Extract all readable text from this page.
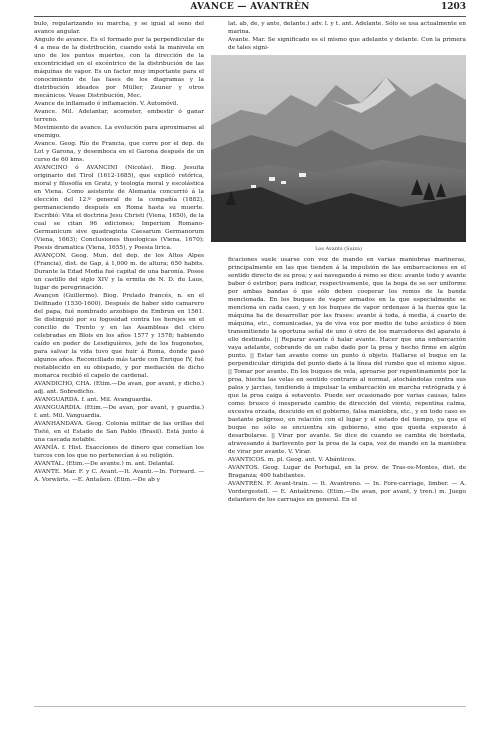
AVANCE — AVANTRÈN	1203

bulo, regularizando su marcha, y se igual al seno del avance angular.

Angulo de avance. Es el formado por la perpendicular de 4 a mea de la distribución, cuando está la manivela en uno de los puntos muertos, con la dirección de la excentricidad en el excéntrico de la distribución de las máquinas de vapor. Es un factor muy importante para el conocimiento de las fases de los diagramas y la distribución ideados por Müller, Zeuner y otros mecánicos. Vease Distribución, Mec.

Avance de inflamado ó inflamación. V. Automóvil.

Avance. Mil. Adelantar, acometer, embestir ó ganar terreno.

Movimiento de avance. La evolución para aproximarse al enemigo.

Avance. Geog. Río de Francia, que corre por el dep. de Lot y Garona, y desemboca en el Garona después de un curso de 60 kms.

AVANCINO ó AVANCINI (Nicolás). Biog. Jesuita originario del Tirol (1612-1685), que explicó retórica, moral y filosofía en Gratz, y teología moral y escolástica en Viena. Como asistente de Alemania concurrió á la elección del 12.º general de la compañía (1882), permaneciendo después en Roma hasta su muerte. Escribió: Vita et doctrina Jesu Christi (Viena, 1650), de la cual se citan 96 ediciones; Imperium Romano-Germanicum sive quadraginta Caesarum Germanorum (Viena, 1663); Conclusiones theologicas (Viena, 1670); Poesis dramatica (Viena, 1655), y Poesia lirica.

AVANÇON. Geog. Mun. del dep. de los Altos Alpes (Francia), dist. de Gap, á 1,000 m. de altura; 650 habits. Durante la Edad Media fué capital de una baronía. Posee un castillo del siglo XIV y la ermita de N. D. du Laus, lugar de peregrinación.

Avançon (Guillermo). Biog. Prelado francés, n. en el Delfinado (1530-1600). Después de haber sido camarero del papa, fué nombrado arzobispo de Embrun en 1561. Se distinguió por su fogosidad contra los herejes en el concilio de Trento y en las Asambleas del clero celebradas en Blois en los años 1577 y 1578; habiendo caído en poder de Lesdiguières, jefe de los hugonotes, para salvar la vida tuvo que huir á Roma, donde pasó algunos años. Reconciliado más tarde con Enrique IV, fué restablecido en su obispado, y por mediación de dicho monarca recibió el capelo de cardenal.

AVANDICHO, CHA. (Etim.—De avan, por avant, y dicho.) adj. ant. Sobredicho.

AVANGUARDA. f. ant. Mil. Avanguardia.

AVANGUARDIA. (Etim.—De avan, por avant, y guardia.) f. ant. Mil. Vanguardia.

AVANHANDAVA. Geog. Colonia militar de las orillas del Tieté, en el Estado de San Pablo (Brasil). Está junto á una cascada notable.

AVANÍA. f. Hist. Exacciones de dinero que cometían los turcos con los que no pertenecían á su religión.

AVANTAL. (Etim.—De avante.) m. ant. Delantal.

AVANTE. Mar. F. y C. Avant.—It. Avanti.—In. Forward. —A. Vorwärts. —E. Antaŭen. (Etim.—De ab y

lat. ab, de, y ante, delante.) adv. l. y t. ant. Adelante. Sólo se usa actualmente en marina.

Avante. Mar. Se significado es el mismo que adelante y delante. Con la primera de tales signi-

Los Avants (Suiza)

ficaciones suele usarse con voz de mando en varias maniobras marineras, principalmente en las que tienden á la impulsión de las embarcaciones en el sentido directo de su proa; y así navegando á remo se dice: avante todo y avante babor ó estribor, para indicar, respectivamente, que la boga de se ser uniforme por ambas bandas ó que sólo deben cooperar los remos de la banda mencionada. En los buques de vapor armados en la que especialmente se menciona en cada caso, y en los buques de vapor ordenase á la fuerza que la máquina ha de desarrollar por las frases: avante á toda, á media, á cuarto de máquina, etc., comunicadas, ya de viva voz por medio de tubo acústico ó bien transmitiendo la oportuna señal de uno ó otro de los marcadores del aparato á ello destinado. || Reparar avante ó halar avante. Hacer que una embarcación vaya adelante, cobrando de un cabo dado por la proa y hecho firme en algún punto. || Estar tan avante como un punto ú objeto. Hallarse el buque en la perpendicular dirigida del punto dado á la línea del rumbo que el mismo sigue. || Tomar por avante. En los buques de vela, aproarse por repentinamente por la proa, hiecha las velas en sentido contrario al normal, atochándolas contra sus palos y jarcias, tendiendo á impulsar la embarcación en marcha retrógrada y á que la proa caiga á sotavento. Puede ser ocasionado por varias causas, tales como: brusco ó inesperado cambio de dirección del viento, repentina calma, excesiva orzada, descuido en el gobierno, falsa maniobra, etc., y en todo caso es bastante peligroso, en relación con el lugar y el estado del tiempo, ya que el buque no sólo se encuentra sin gobierno, sino que queda expuesto á desarbolarse. || Virar por avante. Se dice de cuando se cambia de bordada, atravesando á barlovento por la proa de la capa, voz de mando en la maniobra de virar por avante. V. Virar.

AVANTICOS. m. pl. Geog. ant. V. Abánticos.

AVANTOS. Geog. Lugar de Portugal, en la prov. de Tras-os-Montes, dist. de Braganza; 400 habitantes.

AVANTRÈN. F. Avant-train. — It. Avantreno. — In. Fore-carriage, limber. — A. Vordergestell. — E. Antaŭtreno. (Etim.—De avan, por avant, y tren.) m. Juego delantero de los carruajes en general. En el
